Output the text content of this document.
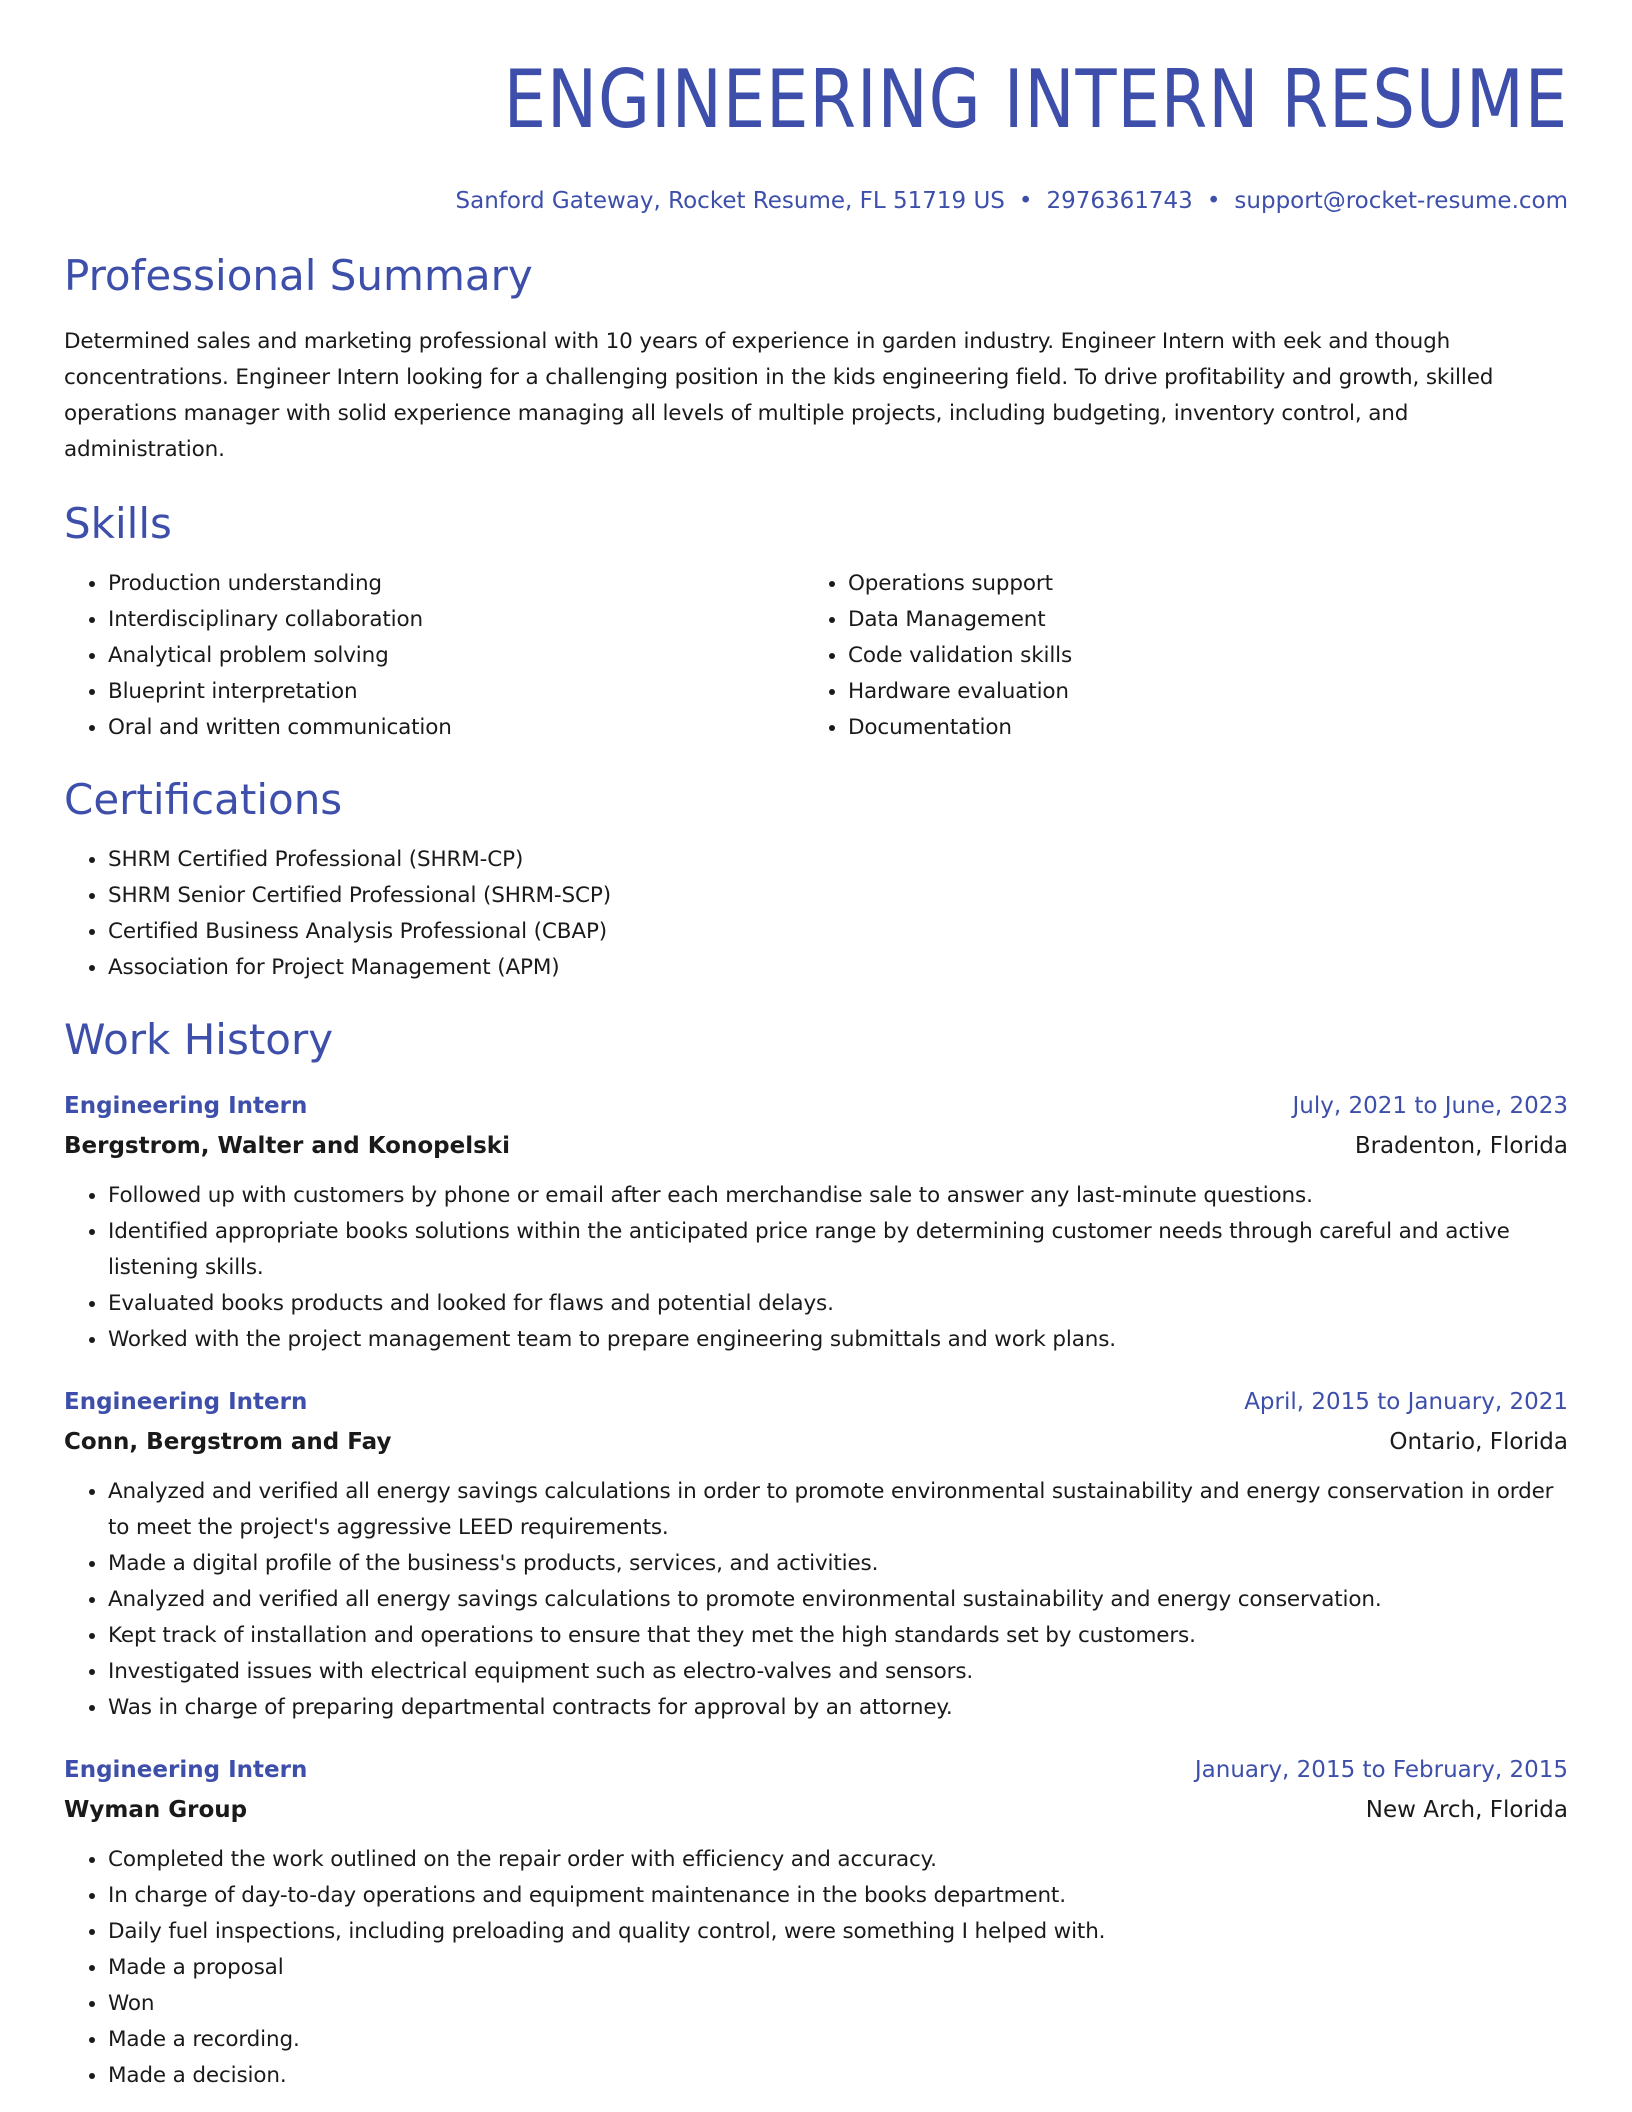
ENGINEERING INTERN RESUME
Sanford Gateway, Rocket Resume, FL 51719 US • 2976361743 • support@rocket-resume.com
Professional Summary

Determined sales and marketing professional with 10 years of experience in garden industry. Engineer Intern with eek and though concentrations. Engineer Intern looking for a challenging position in the kids engineering field. To drive profitability and growth, skilled operations manager with solid experience managing all levels of multiple projects, including budgeting, inventory control, and administration.

Skills
• Production understanding
• Interdisciplinary collaboration
• Analytical problem solving
• Blueprint interpretation
• Oral and written communication
• Operations support
• Data Management
• Code validation skills
• Hardware evaluation
• Documentation
Certifications
• SHRM Certified Professional (SHRM-CP)
• SHRM Senior Certified Professional (SHRM-SCP)
• Certified Business Analysis Professional (CBAP)
• Association for Project Management (APM)
Work History
Engineering Intern	July, 2021 to June, 2023
Bergstrom, Walter and Konopelski	Bradenton, Florida
• Followed up with customers by phone or email after each merchandise sale to answer any last-minute questions.
• Identified appropriate books solutions within the anticipated price range by determining customer needs through careful and active listening skills.
• Evaluated books products and looked for flaws and potential delays.
• Worked with the project management team to prepare engineering submittals and work plans.
Engineering Intern	April, 2015 to January, 2021
Conn, Bergstrom and Fay	Ontario, Florida
• Analyzed and verified all energy savings calculations in order to promote environmental sustainability and energy conservation in order to meet the project's aggressive LEED requirements.
• Made a digital profile of the business's products, services, and activities.
• Analyzed and verified all energy savings calculations to promote environmental sustainability and energy conservation.
• Kept track of installation and operations to ensure that they met the high standards set by customers.
• Investigated issues with electrical equipment such as electro-valves and sensors.
• Was in charge of preparing departmental contracts for approval by an attorney.
Engineering Intern	January, 2015 to February, 2015
Wyman Group	New Arch, Florida
• Completed the work outlined on the repair order with efficiency and accuracy.
• In charge of day-to-day operations and equipment maintenance in the books department.
• Daily fuel inspections, including preloading and quality control, were something I helped with.
• Made a proposal
• Won
• Made a recording.
• Made a decision.
